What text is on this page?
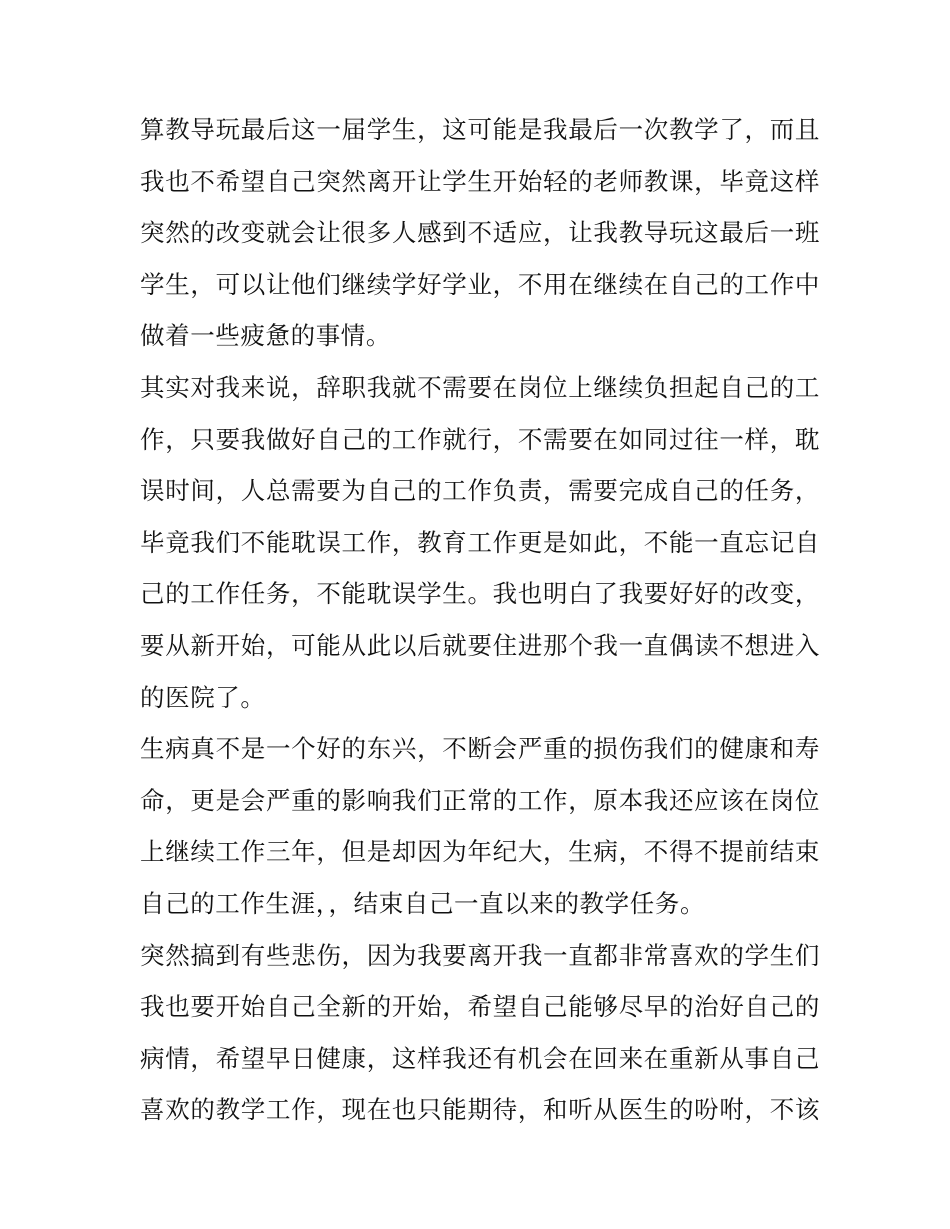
算教导玩最后这一届学生，这可能是我最后一次教学了，而且
我也不希望自己突然离开让学生开始轻的老师教课，毕竟这样
突然的改变就会让很多人感到不适应，让我教导玩这最后一班
学生，可以让他们继续学好学业，不用在继续在自己的工作中
做着一些疲惫的事情。
其实对我来说，辞职我就不需要在岗位上继续负担起自己的工
作，只要我做好自己的工作就行，不需要在如同过往一样，耽
误时间，人总需要为自己的工作负责，需要完成自己的任务，
毕竟我们不能耽误工作，教育工作更是如此，不能一直忘记自
己的工作任务，不能耽误学生。我也明白了我要好好的改变，
要从新开始，可能从此以后就要住进那个我一直偶读不想进入
的医院了。
生病真不是一个好的东兴，不断会严重的损伤我们的健康和寿
命，更是会严重的影响我们正常的工作，原本我还应该在岗位
上继续工作三年，但是却因为年纪大，生病，不得不提前结束
自己的工作生涯，，结束自己一直以来的教学任务。
突然搞到有些悲伤，因为我要离开我一直都非常喜欢的学生们
我也要开始自己全新的开始，希望自己能够尽早的治好自己的
病情，希望早日健康，这样我还有机会在回来在重新从事自己
喜欢的教学工作，现在也只能期待，和听从医生的吩咐，不该
